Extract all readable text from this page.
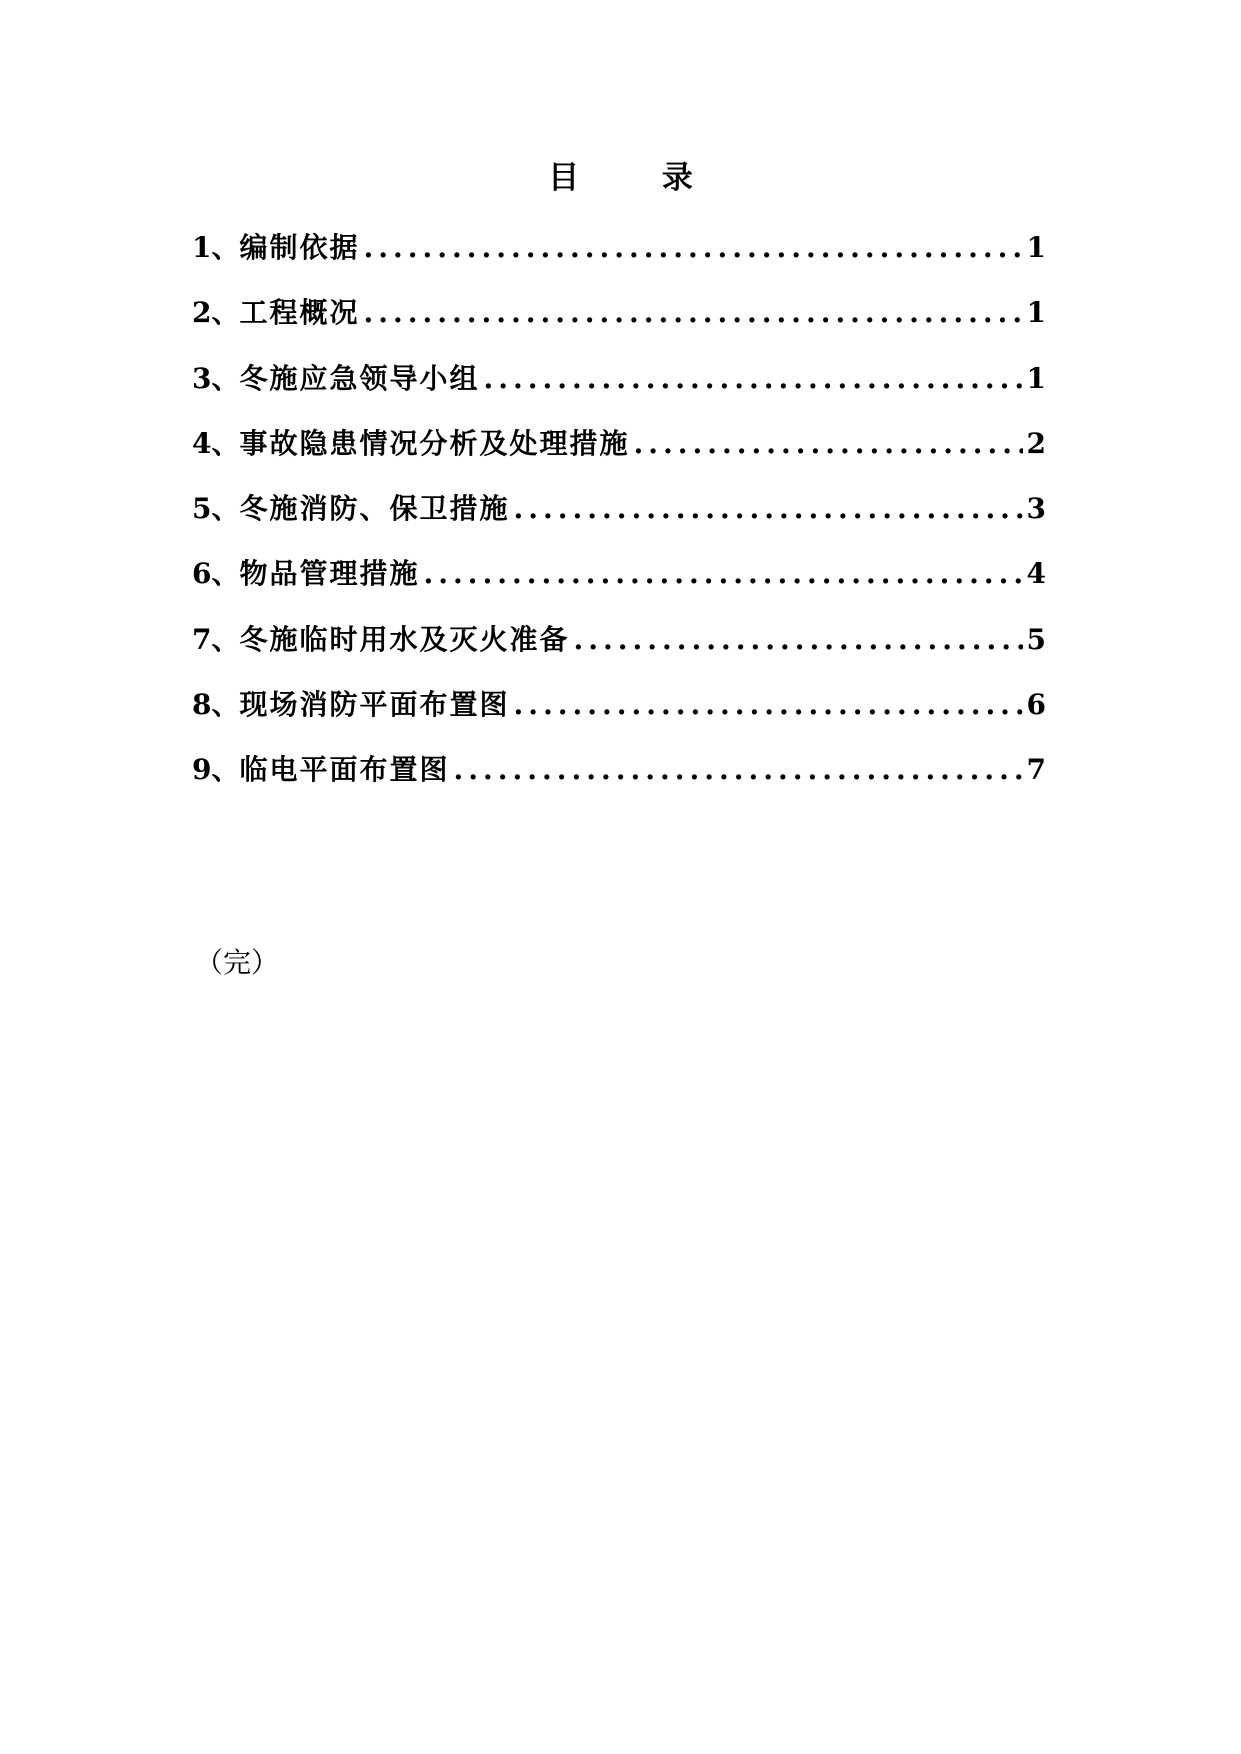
目 录
1、 编制依据 .....	1
2、 工程概况 .....	1
3、 冬施应急领导小组 .....	1
4、 事故隐患情况分析及处理措施 .....	2
5、 冬施消防、保卫措施 .....	3
6、 物品管理措施 .....	4
7、 冬施临时用水及灭火准备 .....	5
8、 现场消防平面布置图 .....	6
9、 临电平面布置图 .....	7
（完）
